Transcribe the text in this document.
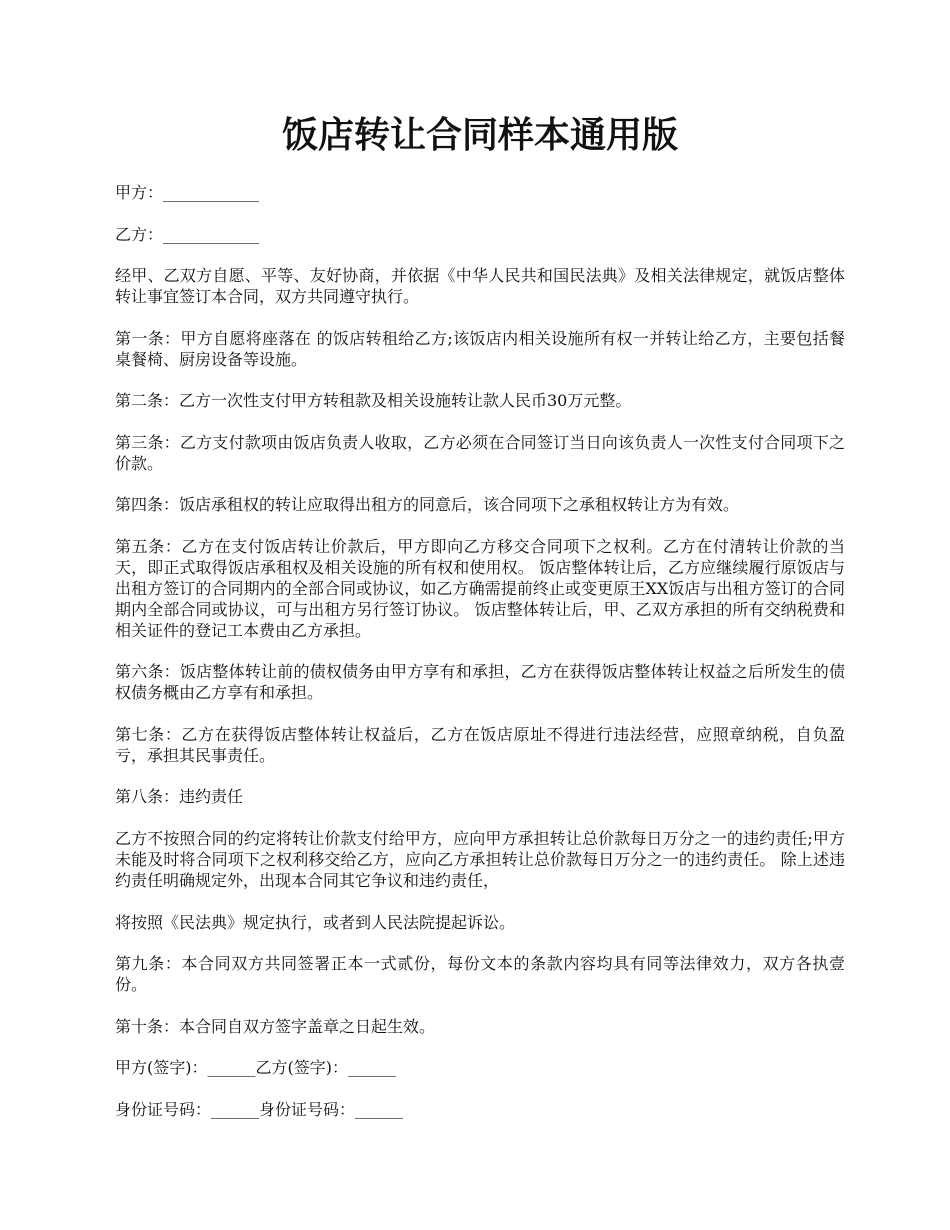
饭店转让合同样本通用版

甲方：____________

乙方：____________

经甲、乙双方自愿、平等、友好协商，并依据《中华人民共和国民法典》及相关法律规定，就饭店整体转让事宜签订本合同，双方共同遵守执行。

第一条：甲方自愿将座落在 的饭店转租给乙方;该饭店内相关设施所有权一并转让给乙方，主要包括餐桌餐椅、厨房设备等设施。

第二条：乙方一次性支付甲方转租款及相关设施转让款人民币30万元整。

第三条：乙方支付款项由饭店负责人收取，乙方必须在合同签订当日向该负责人一次性支付合同项下之价款。

第四条：饭店承租权的转让应取得出租方的同意后，该合同项下之承租权转让方为有效。

第五条：乙方在支付饭店转让价款后，甲方即向乙方移交合同项下之权利。乙方在付清转让价款的当天，即正式取得饭店承租权及相关设施的所有权和使用权。 饭店整体转让后，乙方应继续履行原饭店与出租方签订的合同期内的全部合同或协议，如乙方确需提前终止或变更原王XX饭店与出租方签订的合同期内全部合同或协议，可与出租方另行签订协议。 饭店整体转让后，甲、乙双方承担的所有交纳税费和相关证件的登记工本费由乙方承担。

第六条：饭店整体转让前的债权债务由甲方享有和承担，乙方在获得饭店整体转让权益之后所发生的债权债务概由乙方享有和承担。

第七条：乙方在获得饭店整体转让权益后，乙方在饭店原址不得进行违法经营，应照章纳税，自负盈亏，承担其民事责任。

第八条：违约责任

乙方不按照合同的约定将转让价款支付给甲方，应向甲方承担转让总价款每日万分之一的违约责任;甲方未能及时将合同项下之权利移交给乙方，应向乙方承担转让总价款每日万分之一的违约责任。 除上述违约责任明确规定外，出现本合同其它争议和违约责任，

将按照《民法典》规定执行，或者到人民法院提起诉讼。

第九条：本合同双方共同签署正本一式贰份，每份文本的条款内容均具有同等法律效力，双方各执壹份。

第十条：本合同自双方签字盖章之日起生效。

甲方(签字)：______乙方(签字)：______

身份证号码：______身份证号码：______
